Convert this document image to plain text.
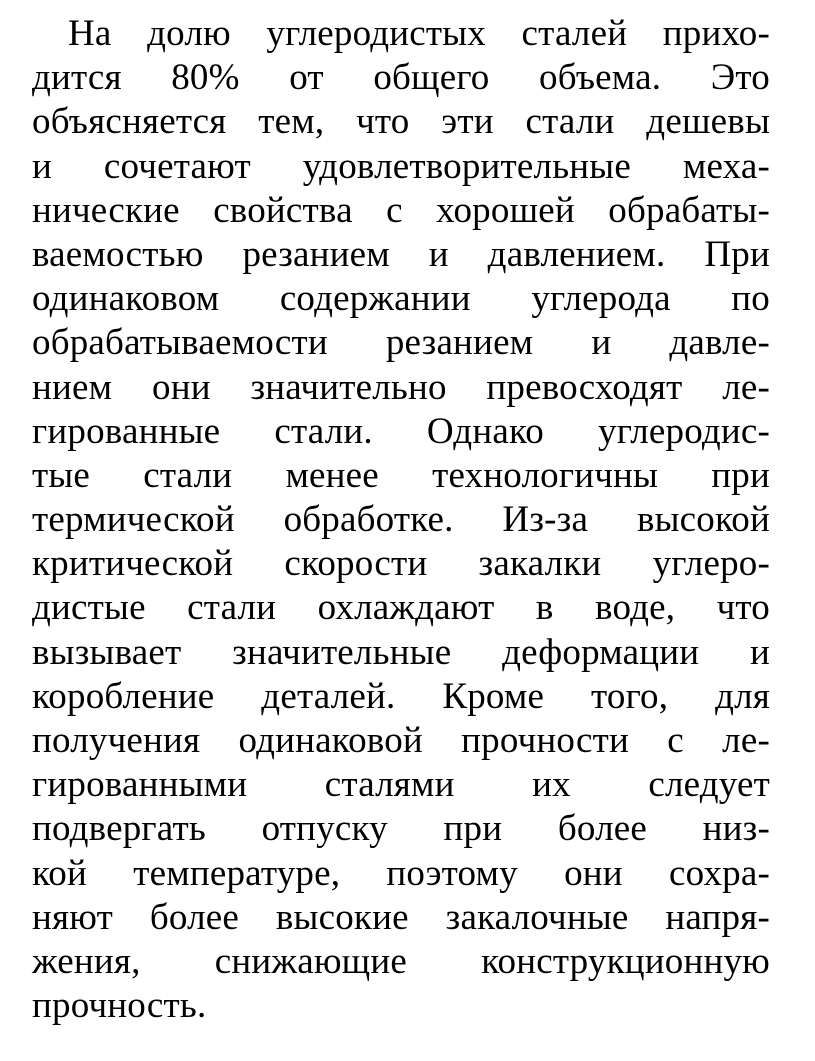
На долю углеродистых сталей прихо-
дится 80% от общего объема. Это
объясняется тем, что эти стали дешевы
и сочетают удовлетворительные меха-
нические свойства с хорошей обрабаты-
ваемостью резанием и давлением. При
одинаковом содержании углерода по
обрабатываемости резанием и давле-
нием они значительно превосходят ле-
гированные стали. Однако углеродис-
тые стали менее технологичны при
термической обработке. Из-за высокой
критической скорости закалки углеро-
дистые стали охлаждают в воде, что
вызывает значительные деформации и
коробление деталей. Кроме того, для
получения одинаковой прочности с ле-
гированными сталями их следует
подвергать отпуску при более низ-
кой температуре, поэтому они сохра-
няют более высокие закалочные напря-
жения, снижающие конструкционную
прочность.
